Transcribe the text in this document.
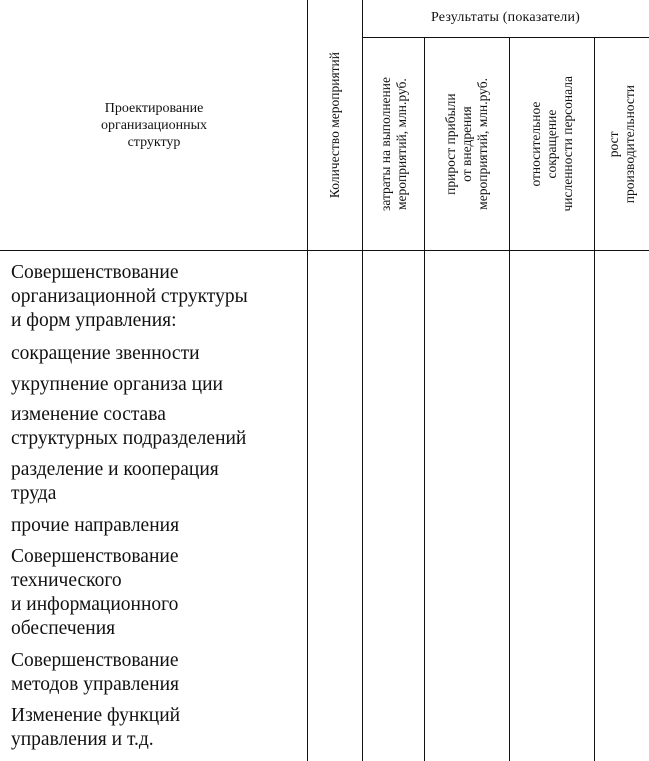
Проектирование
организационных
структур	Количество мероприятий
Результаты (показатели)
затраты на выполнение
мероприятий, млн.руб.
прирост прибыли
от внедрения
мероприятий, млн.руб.	относительное
сокращение
численности персонала
рост
производительности

Совершенствование
организационной структуры
и форм управления:

сокращение звенности

укрупнение организа ции

изменение состава
структурных подразделений

разделение и кооперация
труда

прочие направления

Совершенствование
технического
и информационного
обеспечения

Совершенствование
методов управления

Изменение функций
управления и т.д.
